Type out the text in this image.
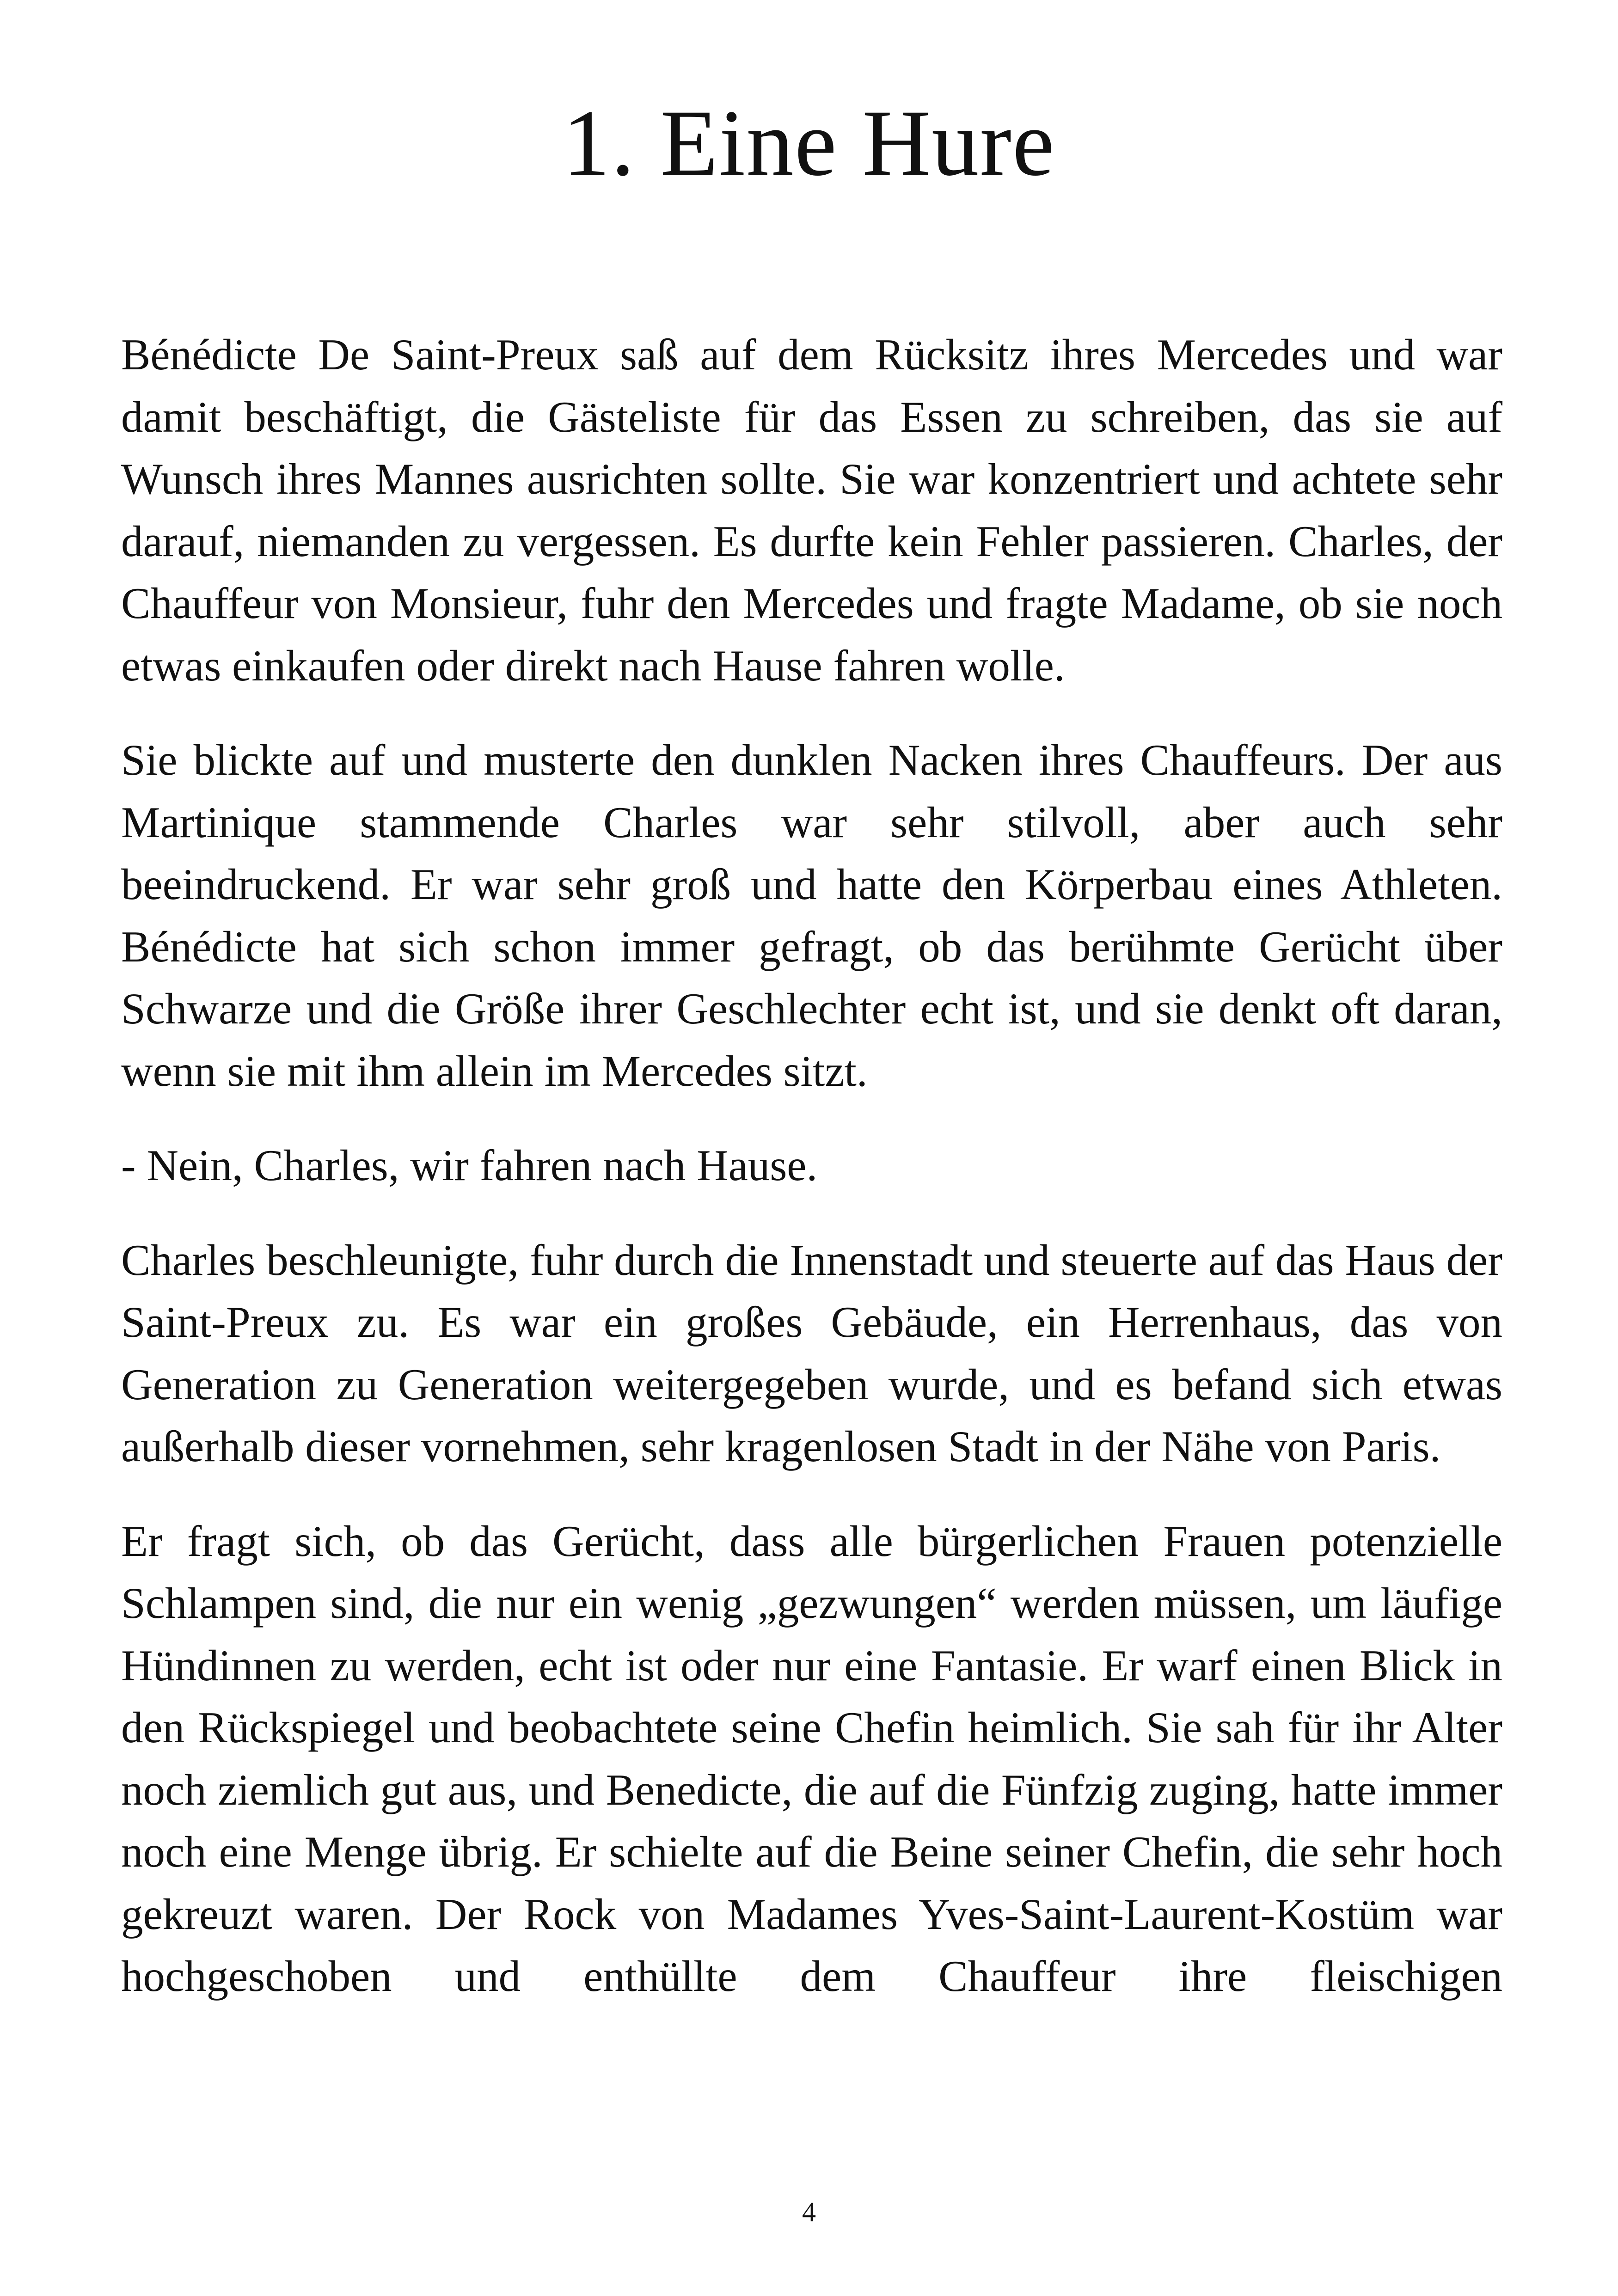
1. Eine Hure

Bénédicte De Saint-Preux saß auf dem Rücksitz ihres Mercedes und war damit beschäftigt, die Gästeliste für das Essen zu schreiben, das sie auf Wunsch ihres Mannes ausrichten sollte. Sie war konzentriert und achtete sehr darauf, niemanden zu vergessen. Es durfte kein Fehler passieren. Charles, der Chauffeur von Monsieur, fuhr den Mercedes und fragte Madame, ob sie noch etwas einkaufen oder direkt nach Hause fahren wolle.

Sie blickte auf und musterte den dunklen Nacken ihres Chauffeurs. Der aus Martinique stammende Charles war sehr stilvoll, aber auch sehr beeindruckend. Er war sehr groß und hatte den Körperbau eines Athleten. Bénédicte hat sich schon immer gefragt, ob das berühmte Gerücht über Schwarze und die Größe ihrer Geschlechter echt ist, und sie denkt oft daran, wenn sie mit ihm allein im Mercedes sitzt.

- Nein, Charles, wir fahren nach Hause.

Charles beschleunigte, fuhr durch die Innenstadt und steuerte auf das Haus der Saint-Preux zu. Es war ein großes Gebäude, ein Herrenhaus, das von Generation zu Generation weitergegeben wurde, und es befand sich etwas außerhalb dieser vornehmen, sehr kragenlosen Stadt in der Nähe von Paris.

Er fragt sich, ob das Gerücht, dass alle bürgerlichen Frauen potenzielle Schlampen sind, die nur ein wenig „gezwungen“ werden müssen, um läufige Hündinnen zu werden, echt ist oder nur eine Fantasie. Er warf einen Blick in den Rückspiegel und beobachtete seine Chefin heimlich. Sie sah für ihr Alter noch ziemlich gut aus, und Benedicte, die auf die Fünfzig zuging, hatte immer noch eine Menge übrig. Er schielte auf die Beine seiner Chefin, die sehr hoch gekreuzt waren. Der Rock von Madames Yves-Saint-Laurent-Kostüm war hochgeschoben und enthüllte dem Chauffeur ihre fleischigen

4
